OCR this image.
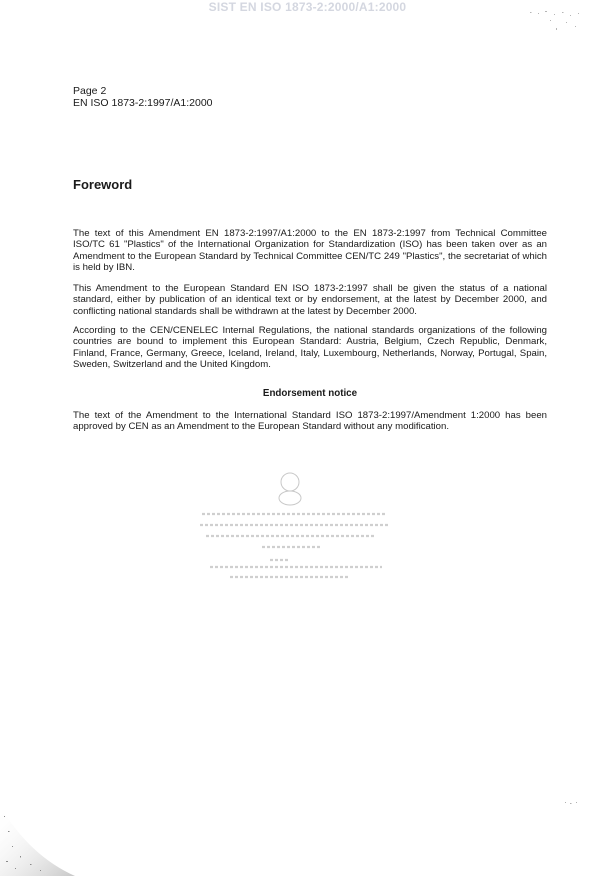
SIST EN ISO 1873-2:2000/A1:2000
Page 2
EN ISO 1873-2:1997/A1:2000
Foreword
The text of this Amendment EN 1873-2:1997/A1:2000 to the EN 1873-2:1997 from Technical Committee ISO/TC 61 "Plastics" of the International Organization for Standardization (ISO) has been taken over as an Amendment to the European Standard by Technical Committee CEN/TC 249 "Plastics", the secretariat of which is held by IBN.
This Amendment to the European Standard EN ISO 1873-2:1997 shall be given the status of a national standard, either by publication of an identical text or by endorsement, at the latest by December 2000, and conflicting national standards shall be withdrawn at the latest by December 2000.
According to the CEN/CENELEC Internal Regulations, the national standards organizations of the following countries are bound to implement this European Standard: Austria, Belgium, Czech Republic, Denmark, Finland, France, Germany, Greece, Iceland, Ireland, Italy, Luxembourg, Netherlands, Norway, Portugal, Spain, Sweden, Switzerland and the United Kingdom.
Endorsement notice
The text of the Amendment to the International Standard ISO 1873-2:1997/Amendment 1:2000 has been approved by CEN as an Amendment to the European Standard without any modification.
